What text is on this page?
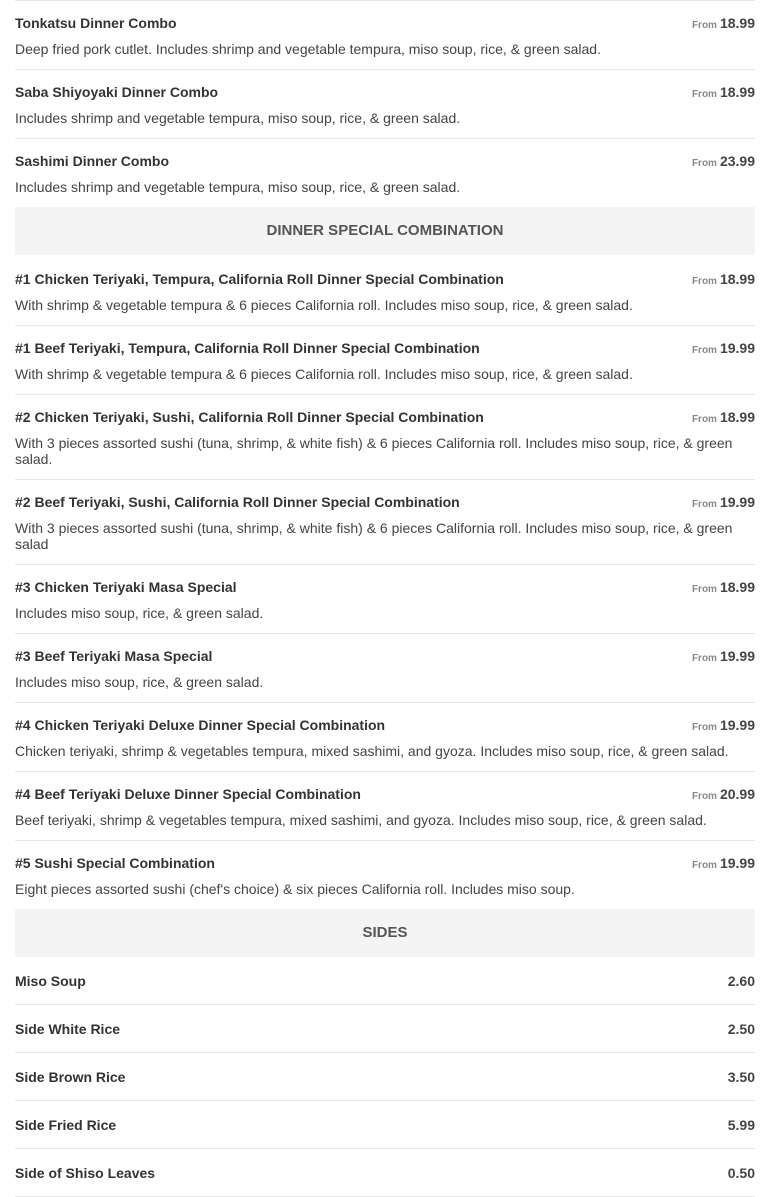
Tonkatsu Dinner Combo	From 18.99
Deep fried pork cutlet. Includes shrimp and vegetable tempura, miso soup, rice, & green salad.
Saba Shiyoyaki Dinner Combo	From 18.99
Includes shrimp and vegetable tempura, miso soup, rice, & green salad.
Sashimi Dinner Combo	From 23.99
Includes shrimp and vegetable tempura, miso soup, rice, & green salad.
DINNER SPECIAL COMBINATION
#1 Chicken Teriyaki, Tempura, California Roll Dinner Special Combination	From 18.99
With shrimp & vegetable tempura & 6 pieces California roll. Includes miso soup, rice, & green salad.
#1 Beef Teriyaki, Tempura, California Roll Dinner Special Combination	From 19.99
With shrimp & vegetable tempura & 6 pieces California roll. Includes miso soup, rice, & green salad.
#2 Chicken Teriyaki, Sushi, California Roll Dinner Special Combination	From 18.99
With 3 pieces assorted sushi (tuna, shrimp, & white fish) & 6 pieces California roll. Includes miso soup, rice, & green salad.
#2 Beef Teriyaki, Sushi, California Roll Dinner Special Combination	From 19.99
With 3 pieces assorted sushi (tuna, shrimp, & white fish) & 6 pieces California roll. Includes miso soup, rice, & green salad
#3 Chicken Teriyaki Masa Special	From 18.99
Includes miso soup, rice, & green salad.
#3 Beef Teriyaki Masa Special	From 19.99
Includes miso soup, rice, & green salad.
#4 Chicken Teriyaki Deluxe Dinner Special Combination	From 19.99
Chicken teriyaki, shrimp & vegetables tempura, mixed sashimi, and gyoza. Includes miso soup, rice, & green salad.
#4 Beef Teriyaki Deluxe Dinner Special Combination	From 20.99
Beef teriyaki, shrimp & vegetables tempura, mixed sashimi, and gyoza. Includes miso soup, rice, & green salad.
#5 Sushi Special Combination	From 19.99
Eight pieces assorted sushi (chef's choice) & six pieces California roll. Includes miso soup.
SIDES
Miso Soup	2.60
Side White Rice	2.50
Side Brown Rice	3.50
Side Fried Rice	5.99
Side of Shiso Leaves	0.50
